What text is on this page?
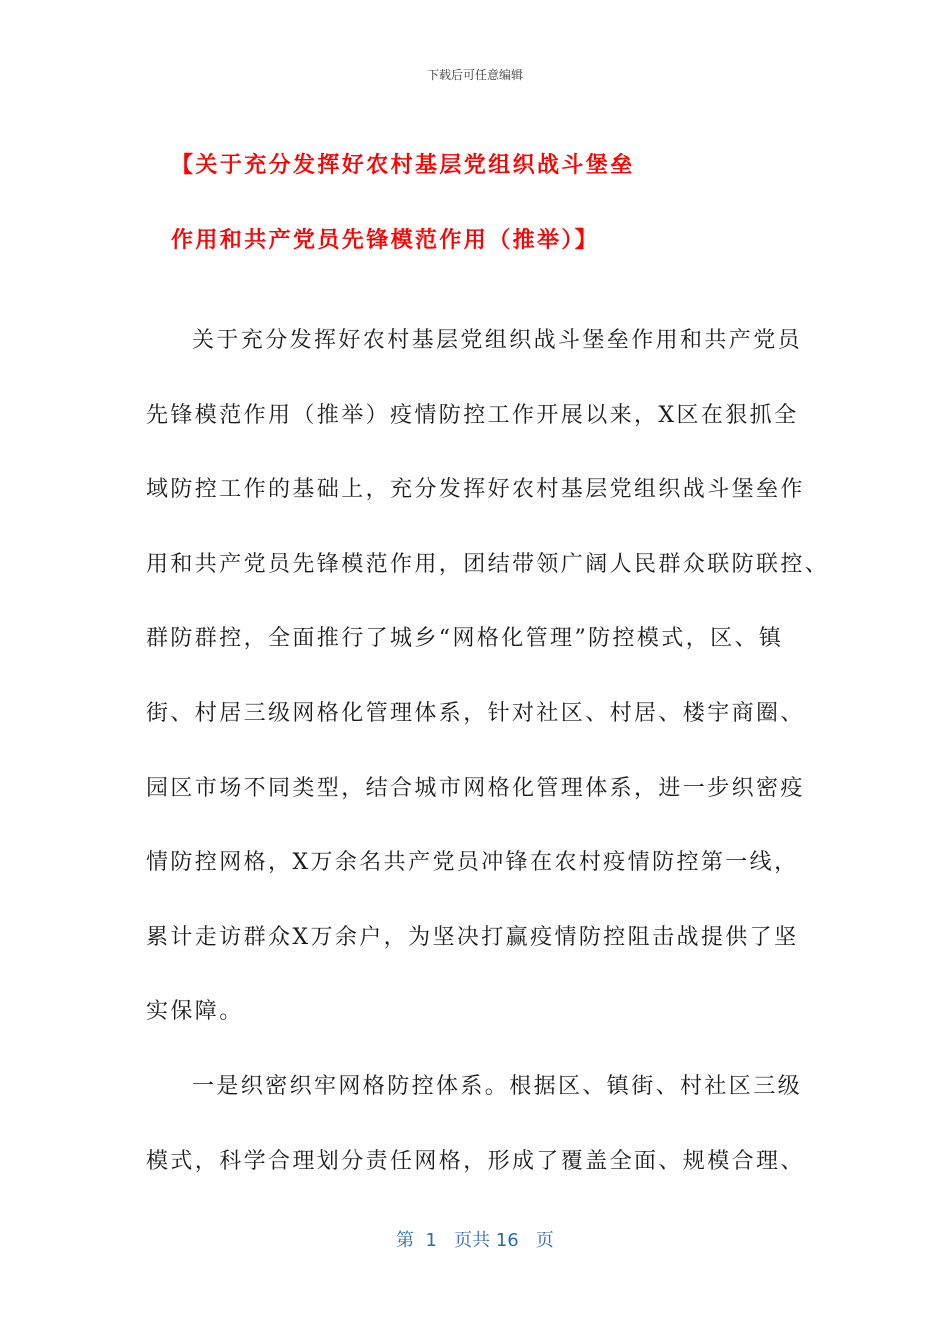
下载后可任意编辑
【关于充分发挥好农村基层党组织战斗堡垒
作用和共产党员先锋模范作用（推举）】
关于充分发挥好农村基层党组织战斗堡垒作用和共产党员
先锋模范作用（推举）疫情防控工作开展以来，X区在狠抓全
域防控工作的基础上，充分发挥好农村基层党组织战斗堡垒作
用和共产党员先锋模范作用，团结带领广阔人民群众联防联控、
群防群控，全面推行了城乡“网格化管理”防控模式，区、镇
街、村居三级网格化管理体系，针对社区、村居、楼宇商圈、
园区市场不同类型，结合城市网格化管理体系，进一步织密疫
情防控网格，X万余名共产党员冲锋在农村疫情防控第一线，
累计走访群众X万余户，为坚决打赢疫情防控阻击战提供了坚
实保障。
一是织密织牢网格防控体系。根据区、镇街、村社区三级
模式，科学合理划分责任网格，形成了覆盖全面、规模合理、
第  1   页共 16   页
